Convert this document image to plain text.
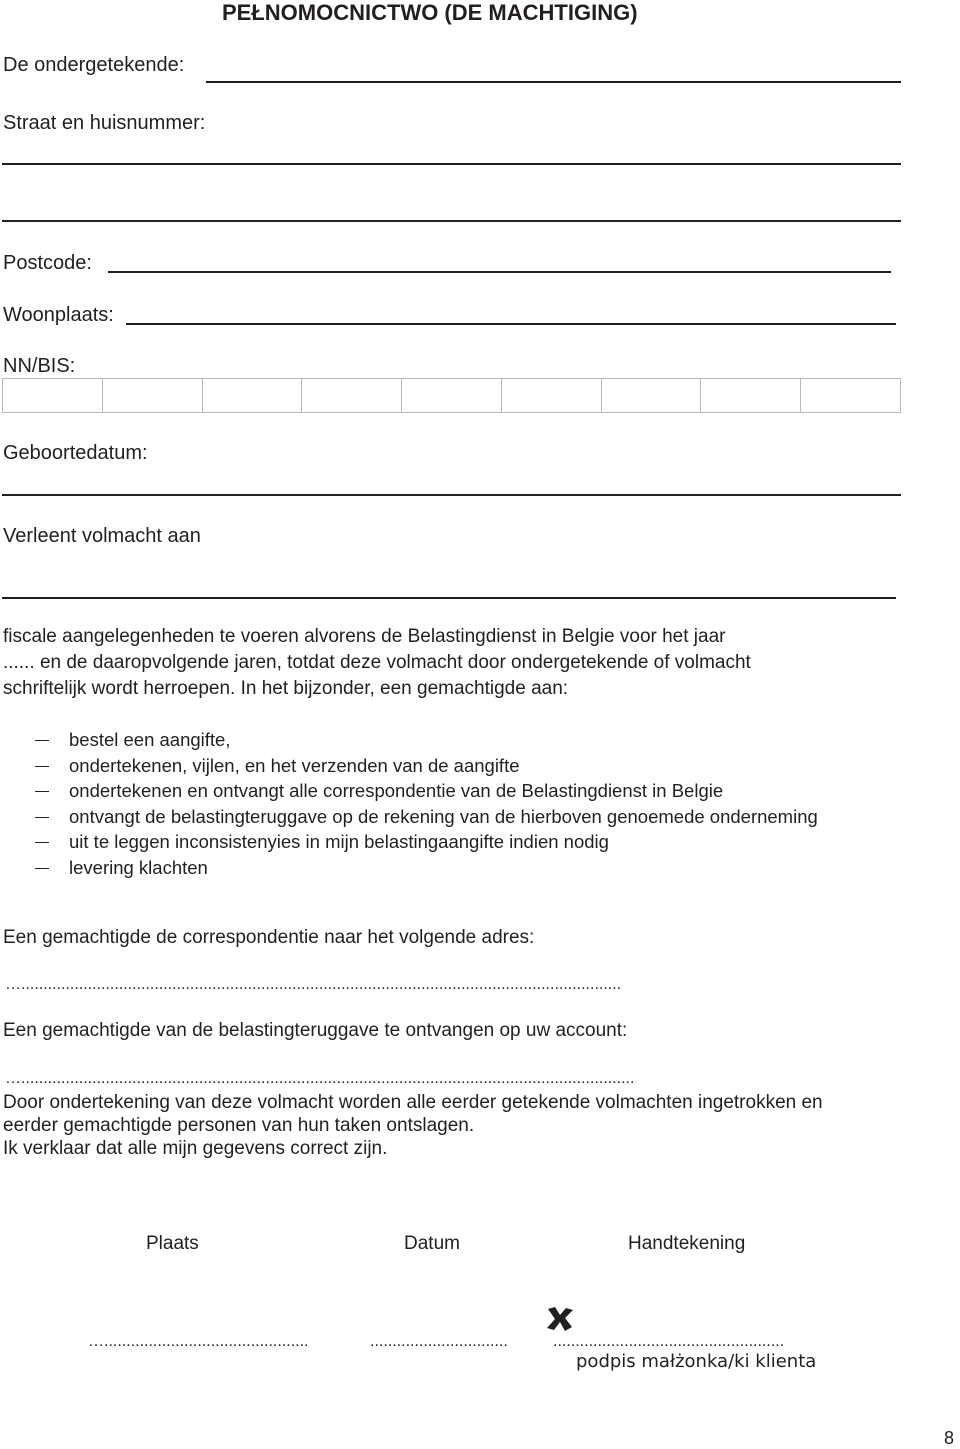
PEŁNOMOCNICTWO (DE MACHTIGING)
De ondergetekende:
Straat en huisnummer:
Postcode:
Woonplaats:
NN/BIS:
Geboortedatum:
Verleent volmacht aan
fiscale aangelegenheden te voeren alvorens de Belastingdienst in Belgie voor het jaar
...... en de daaropvolgende jaren, totdat deze volmacht door ondergetekende of volmacht
schriftelijk wordt herroepen. In het bijzonder, een gemachtigde aan:
bestel een aangifte,
ondertekenen, vijlen, en het verzenden van de aangifte
ondertekenen en ontvangt alle correspondentie van de Belastingdienst in Belgie
ontvangt de belastingteruggave op de rekening van de hierboven genoemede onderneming
uit te leggen inconsistenyies in mijn belastingaangifte indien nodig
levering klachten
Een gemachtigde de correspondentie naar het volgende adres:
….......................................................................................................................................
Een gemachtigde van de belastingteruggave te ontvangen op uw account:
…..........................................................................................................................................
Door ondertekening van deze volmacht worden alle eerder getekende volmachten ingetrokken en
eerder gemachtigde personen van hun taken ontslagen.
Ik verklaar dat alle mijn gegevens correct zijn.
Plaats	Datum	Handtekening
…..............................................	...............................	....................................................
podpis małżonka/ki klienta
8
